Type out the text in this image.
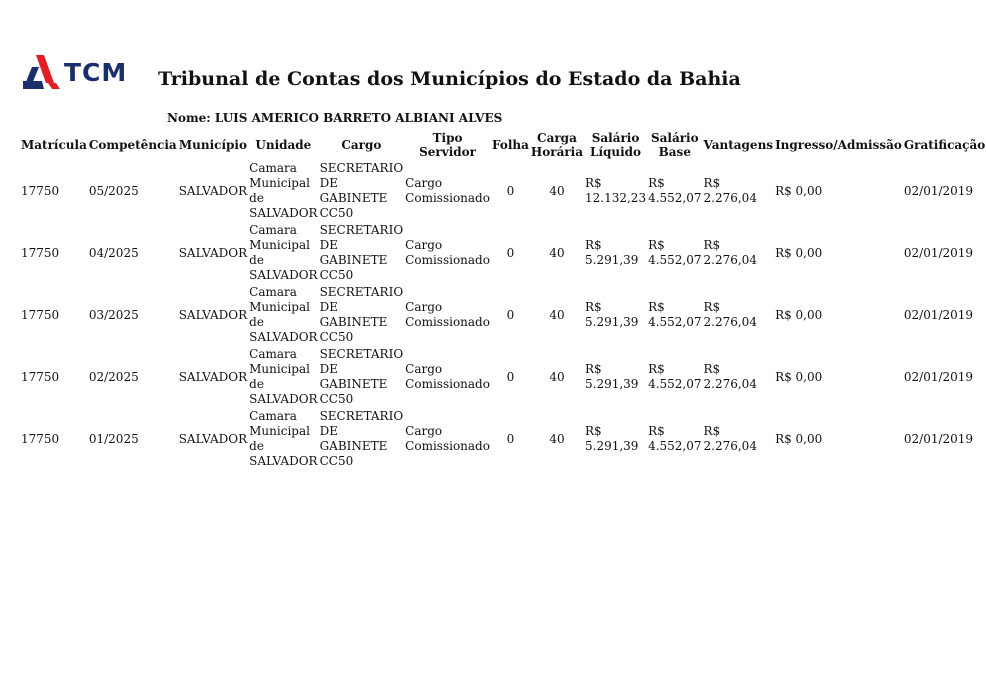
TCM Tribunal de Contas dos Municípios do Estado da Bahia
Nome: LUIS AMERICO BARRETO ALBIANI ALVES
Matrícula	Competência	Município	Unidade	Cargo	Tipo Servidor	Folha	Carga Horária	Salário Líquido	Salário Base	Vantagens	Ingresso/Admissão	Gratificação
17750	05/2025	SALVADOR	Camara Municipal de SALVADOR	SECRETARIO DE GABINETE CC50	Cargo Comissionado	0	40	R$ 12.132,23	R$ 4.552,07	R$ 2.276,04	R$ 0,00	02/01/2019
17750	04/2025	SALVADOR	Camara Municipal de SALVADOR	SECRETARIO DE GABINETE CC50	Cargo Comissionado	0	40	R$ 5.291,39	R$ 4.552,07	R$ 2.276,04	R$ 0,00	02/01/2019
17750	03/2025	SALVADOR	Camara Municipal de SALVADOR	SECRETARIO DE GABINETE CC50	Cargo Comissionado	0	40	R$ 5.291,39	R$ 4.552,07	R$ 2.276,04	R$ 0,00	02/01/2019
17750	02/2025	SALVADOR	Camara Municipal de SALVADOR	SECRETARIO DE GABINETE CC50	Cargo Comissionado	0	40	R$ 5.291,39	R$ 4.552,07	R$ 2.276,04	R$ 0,00	02/01/2019
17750	01/2025	SALVADOR	Camara Municipal de SALVADOR	SECRETARIO DE GABINETE CC50	Cargo Comissionado	0	40	R$ 5.291,39	R$ 4.552,07	R$ 2.276,04	R$ 0,00	02/01/2019
